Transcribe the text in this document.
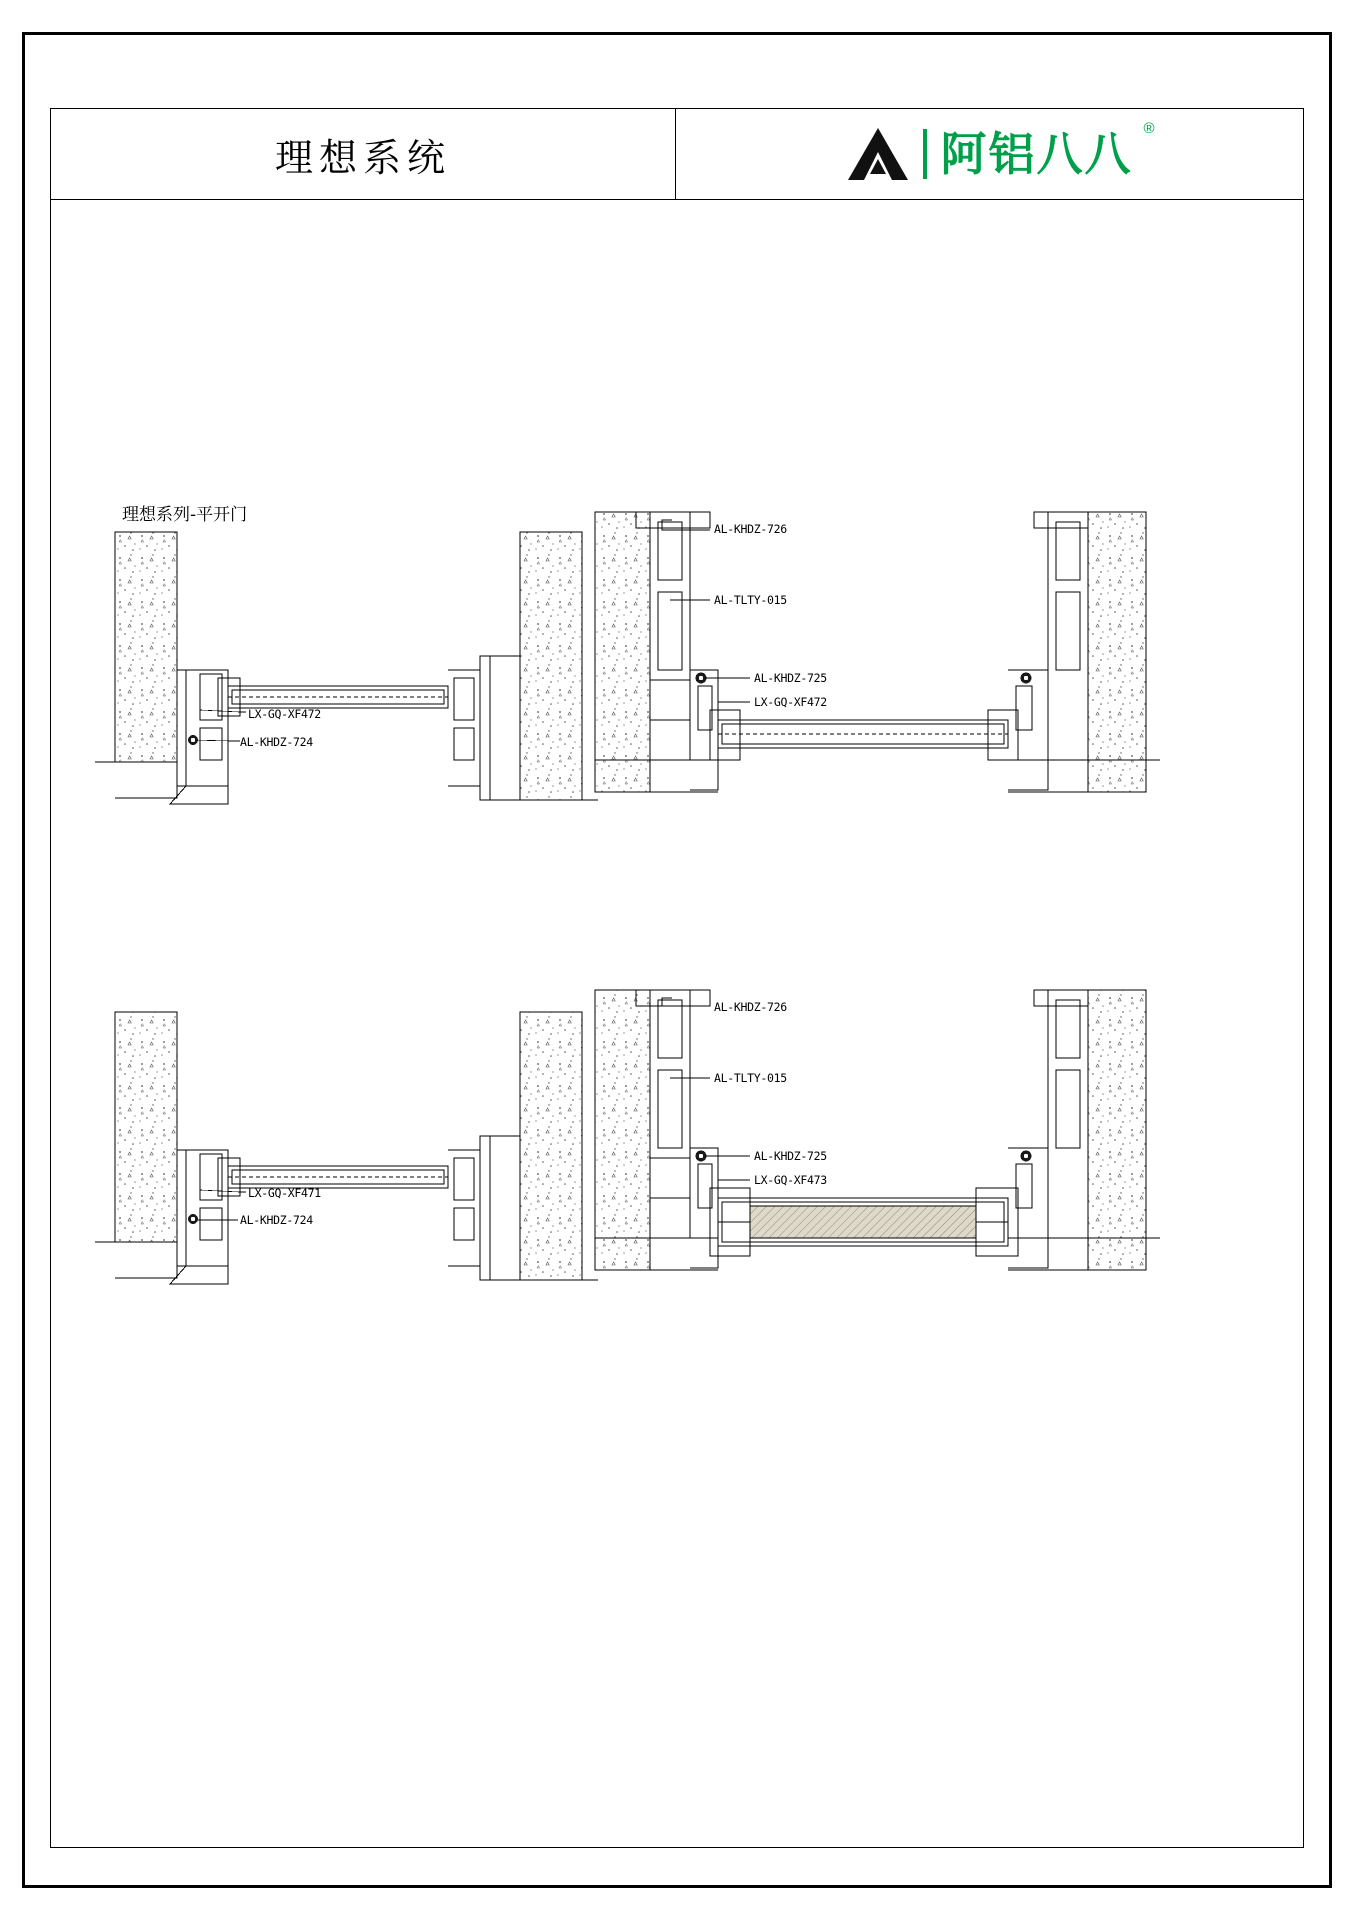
理想系统	阿铝八八 ®
理想系列-平开门
LX-GQ-XF472
AL-KHDZ-724
AL-KHDZ-726
AL-TLTY-015
AL-KHDZ-725
LX-GQ-XF472
LX-GQ-XF471
AL-KHDZ-724
AL-KHDZ-726
AL-TLTY-015
AL-KHDZ-725
LX-GQ-XF473
